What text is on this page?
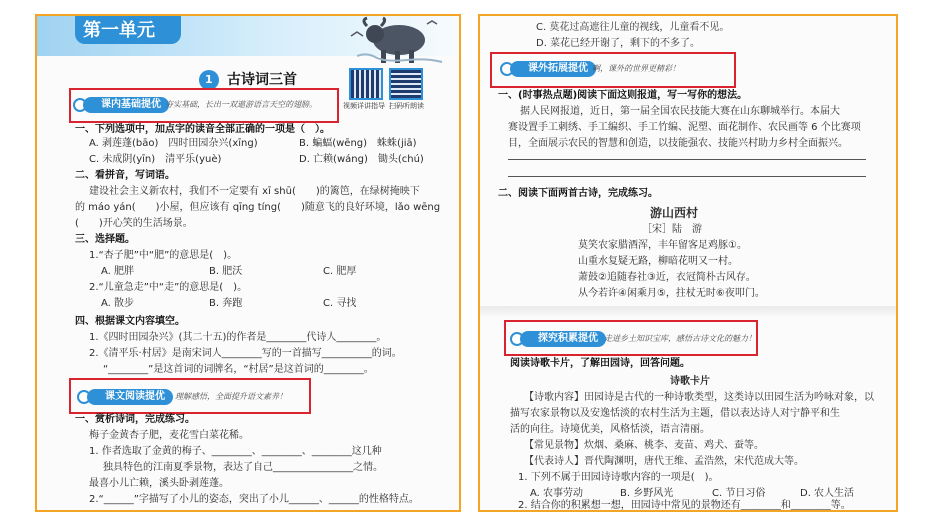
第一单元
1 古诗词三首
视频详讲指导 扫码听朗读
课内基础提优 夯实基础，长出一双遨游语言天空的翅膀。
一、下列选项中，加点字的读音全部正确的一项是（　）。
A. 剥莲蓬(bāo)　四时田园杂兴(xīng)	B. 蝙蝠(wēng)　蛛蛛(jiā)
C. 未成阴(yīn)　清平乐(yuè)	D. 亡赖(wáng)　锄头(chú)
二、看拼音，写词语。
建设社会主义新农村，我们不一定要有 xī shū(　　)的篱笆，在绿树掩映下
的 máo yán(　　)小屋，但应该有 qīng tíng(　　)随意飞的良好环境，lǎo wēng
(　　)开心笑的生活场景。
三、选择题。
1.“杏子肥”中“肥”的意思是(　)。
A. 肥胖	B. 肥沃	C. 肥厚
2.“儿童急走”中“走”的意思是(　)。
A. 散步	B. 奔跑	C. 寻找
四、根据课文内容填空。
1.《四时田园杂兴》(其二十五)的作者是________代诗人________。
2.《清平乐·村居》是南宋词人________写的一首描写__________的词。
“________”是这首词的词牌名，“村居”是这首词的________。
课文阅读提优	理解感悟，全面提升语文素养！
一、赏析诗词，完成练习。
梅子金黄杏子肥，麦花雪白菜花稀。
1. 作者选取了金黄的梅子、________、________、________这几种
独具特色的江南夏季景物，表达了自己________________之情。
最喜小儿亡赖，溪头卧剥莲蓬。
2.“______”字描写了小儿的姿态，突出了小儿______、______的性格特点。
C. 莫花过高遮往儿童的视线，儿童看不见。
D. 菜花已经开谢了，剩下的不多了。
课外拓展提优 啊，课外的世界更精彩！
一、(时事热点题)阅读下面这则报道，写一写你的想法。
据人民网报道，近日，第一届全国农民技能大赛在山东聊城举行。本届大
赛设置手工刺绣、手工编织、手工竹编、泥塑、面花制作、农民画等 6 个比赛项
目，全面展示农民的智慧和创造，以技能强农、技能兴村助力乡村全面振兴。
二、阅读下面两首古诗，完成练习。
游山西村
［宋］陆　游
莫笑农家腊酒浑，丰年留客足鸡豚①。
山重水复疑无路，柳暗花明又一村。
萧鼓②追随春社③近，衣冠简朴古风存。
从今若许④闲乘月⑤，拄杖无时⑥夜叩门。
探究积累提优 走进乡土知识宝库，感悟古诗文化的魅力！
阅读诗歌卡片，了解田园诗，回答问题。
诗歌卡片
【诗歌内容】田园诗是古代的一种诗歌类型，这类诗以田园生活为吟咏对象，以
描写农家景物以及安逸恬淡的农村生活为主题，借以表达诗人对宁静平和生
活的向往。诗境优美，风格恬淡，语言清丽。
【常见景物】炊烟、桑麻、桃李、麦苗、鸡犬、蚕等。
【代表诗人】晋代陶渊明，唐代王维、孟浩然，宋代范成大等。
1. 下列不属于田园诗诗歌内容的一项是(　)。
A. 农事劳动	B. 乡野风光	C. 节日习俗	D. 农人生活
2. 结合你的积累想一想，田园诗中常见的景物还有________和________等。
